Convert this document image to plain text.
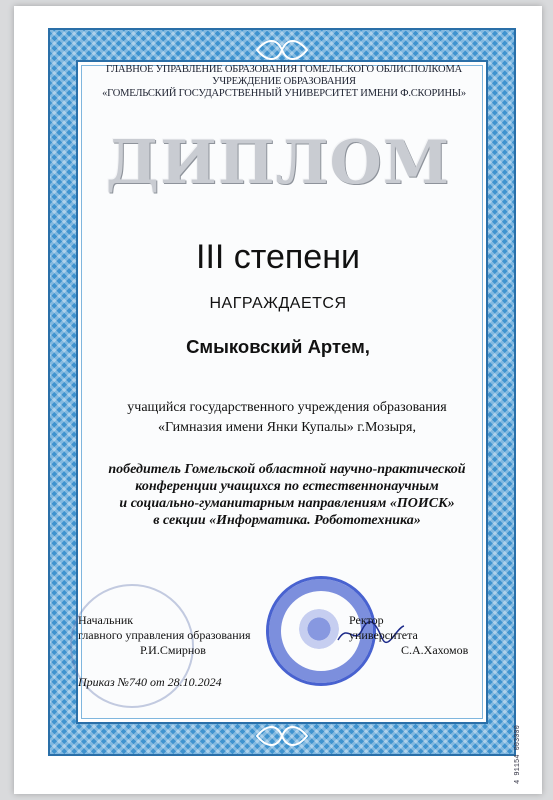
ГЛАВНОЕ УПРАВЛЕНИЕ ОБРАЗОВАНИЯ ГОМЕЛЬСКОГО ОБЛИСПОЛКОМА
УЧРЕЖДЕНИЕ ОБРАЗОВАНИЯ
«ГОМЕЛЬСКИЙ ГОСУДАРСТВЕННЫЙ УНИВЕРСИТЕТ ИМЕНИ Ф.СКОРИНЫ»
ДИПЛОМ
III степени
НАГРАЖДАЕТСЯ
Смыковский Артем,
учащийся государственного учреждения образования
«Гимназия имени Янки Купалы» г.Мозыря,
победитель Гомельской областной научно-практической
конференции учащихся по естественнонаучным
и социально-гуманитарным направлениям «ПОИСК»
в секции «Информатика. Робототехника»
Начальник
главного управления образования
Р.И.Смирнов
Ректор
университета
С.А.Хахомов
Приказ №740 от 28.10.2024
4 91154 003000
